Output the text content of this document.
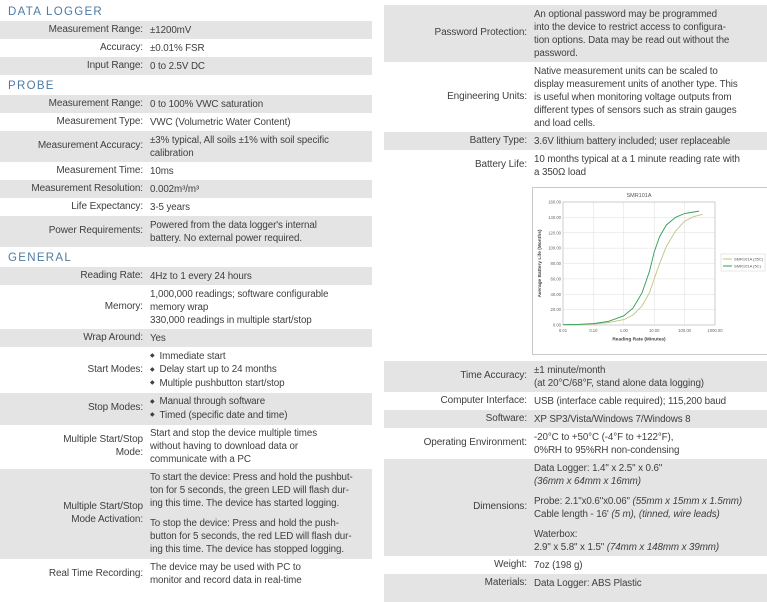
DATA LOGGER
Measurement Range: ±1200mV
Accuracy: ±0.01% FSR
Input Range: 0 to 2.5V DC
PROBE
Measurement Range: 0 to 100% VWC saturation
Measurement Type: VWC (Volumetric Water Content)
Measurement Accuracy:
±3% typical, All soils ±1% with soil specific
calibration
Measurement Time: 10ms
Measurement Resolution: 0.002m³/m³
Life Expectancy: 3-5 years
Power Requirements:
Powered from the data logger's internal
battery. No external power required.
GENERAL
Reading Rate: 4Hz to 1 every 24 hours
Memory:
1,000,000 readings; software configurable
memory wrap
330,000 readings in multiple start/stop
Wrap Around: Yes
Start Modes:
◆ Immediate start
◆ Delay start up to 24 months
◆ Multiple pushbutton start/stop
Stop Modes:
◆ Manual through software
◆ Timed (specific date and time)
Multiple Start/Stop
Mode:
Start and stop the device multiple times
without having to download data or
communicate with a PC
Multiple Start/Stop
Mode Activation:
To start the device: Press and hold the pushbut-
ton for 5 seconds, the green LED will flash dur-
ing this time. The device has started logging.
To stop the device: Press and hold the push-
button for 5 seconds, the red LED will flash dur-
ing this time. The device has stopped logging.
Real Time Recording:
The device may be used with PC to
monitor and record data in real-time
Password Protection:
An optional password may be programmed
into the device to restrict access to configura-
tion options. Data may be read out without the
password.
Engineering Units:
Native measurement units can be scaled to
display measurement units of another type. This
is useful when monitoring voltage outputs from
different types of sensors such as strain gauges
and load cells.
Battery Type: 3.6V lithium battery included; user replaceable
Battery Life:
10 months typical at a 1 minute reading rate with
a 350Ω load
SMR101A
0.00
20.00
40.00
60.00
80.00
100.00
120.00
140.00
160.00
0.01	0.10	1.00	10.00	100.00	1000.00
Reading Rate (Minutes)
Average Battery Life (Months)	SMR101A (25C)
SMR101A (5C)
Time Accuracy:
±1 minute/month
(at 20°C/68°F, stand alone data logging)
Computer Interface: USB (interface cable required); 115,200 baud
Software: XP SP3/Vista/Windows 7/Windows 8
Operating Environment:
-20°C to +50°C (-4°F to +122°F),
0%RH to 95%RH non-condensing
Dimensions:
Data Logger: 1.4" x 2.5" x 0.6"
(36mm x 64mm x 16mm)
Probe: 2.1"x0.6"x0.06" (55mm x 15mm x 1.5mm)
Cable length - 16' (5 m), (tinned, wire leads)
Waterbox:
2.9" x 5.8" x 1.5" (74mm x 148mm x 39mm)
Weight: 7oz (198 g)
Materials: Data Logger: ABS Plastic
